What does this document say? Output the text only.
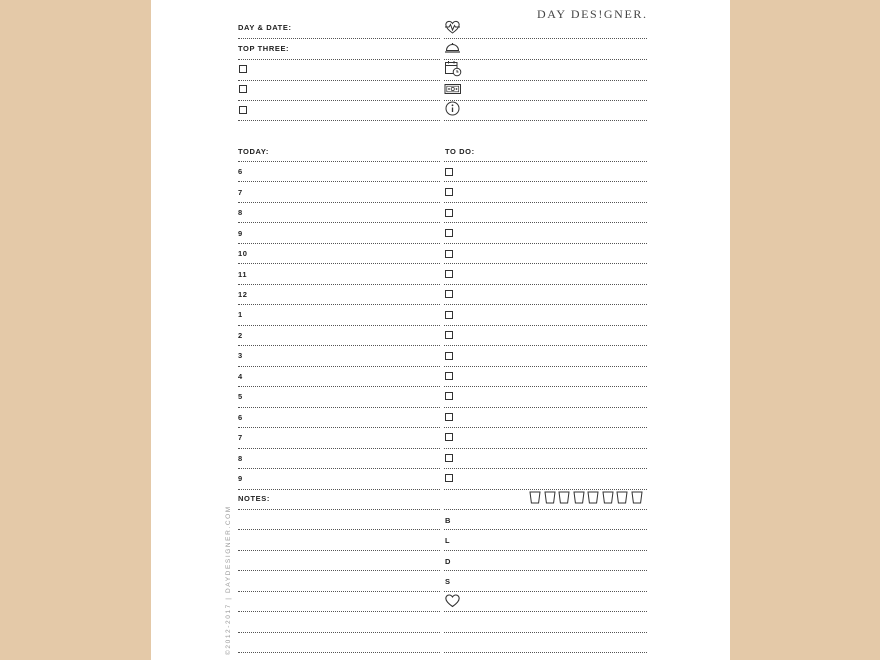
DAY DES!GNER.
©2012-2017 | DAYDESIGNER.COM
DAY & DATE:
TOP THREE:
TODAY:	TO DO:
NOTES:
6
7
8
9
10
11
12
1
2
3
4
5
6
7
8
9
B
L
D
S
